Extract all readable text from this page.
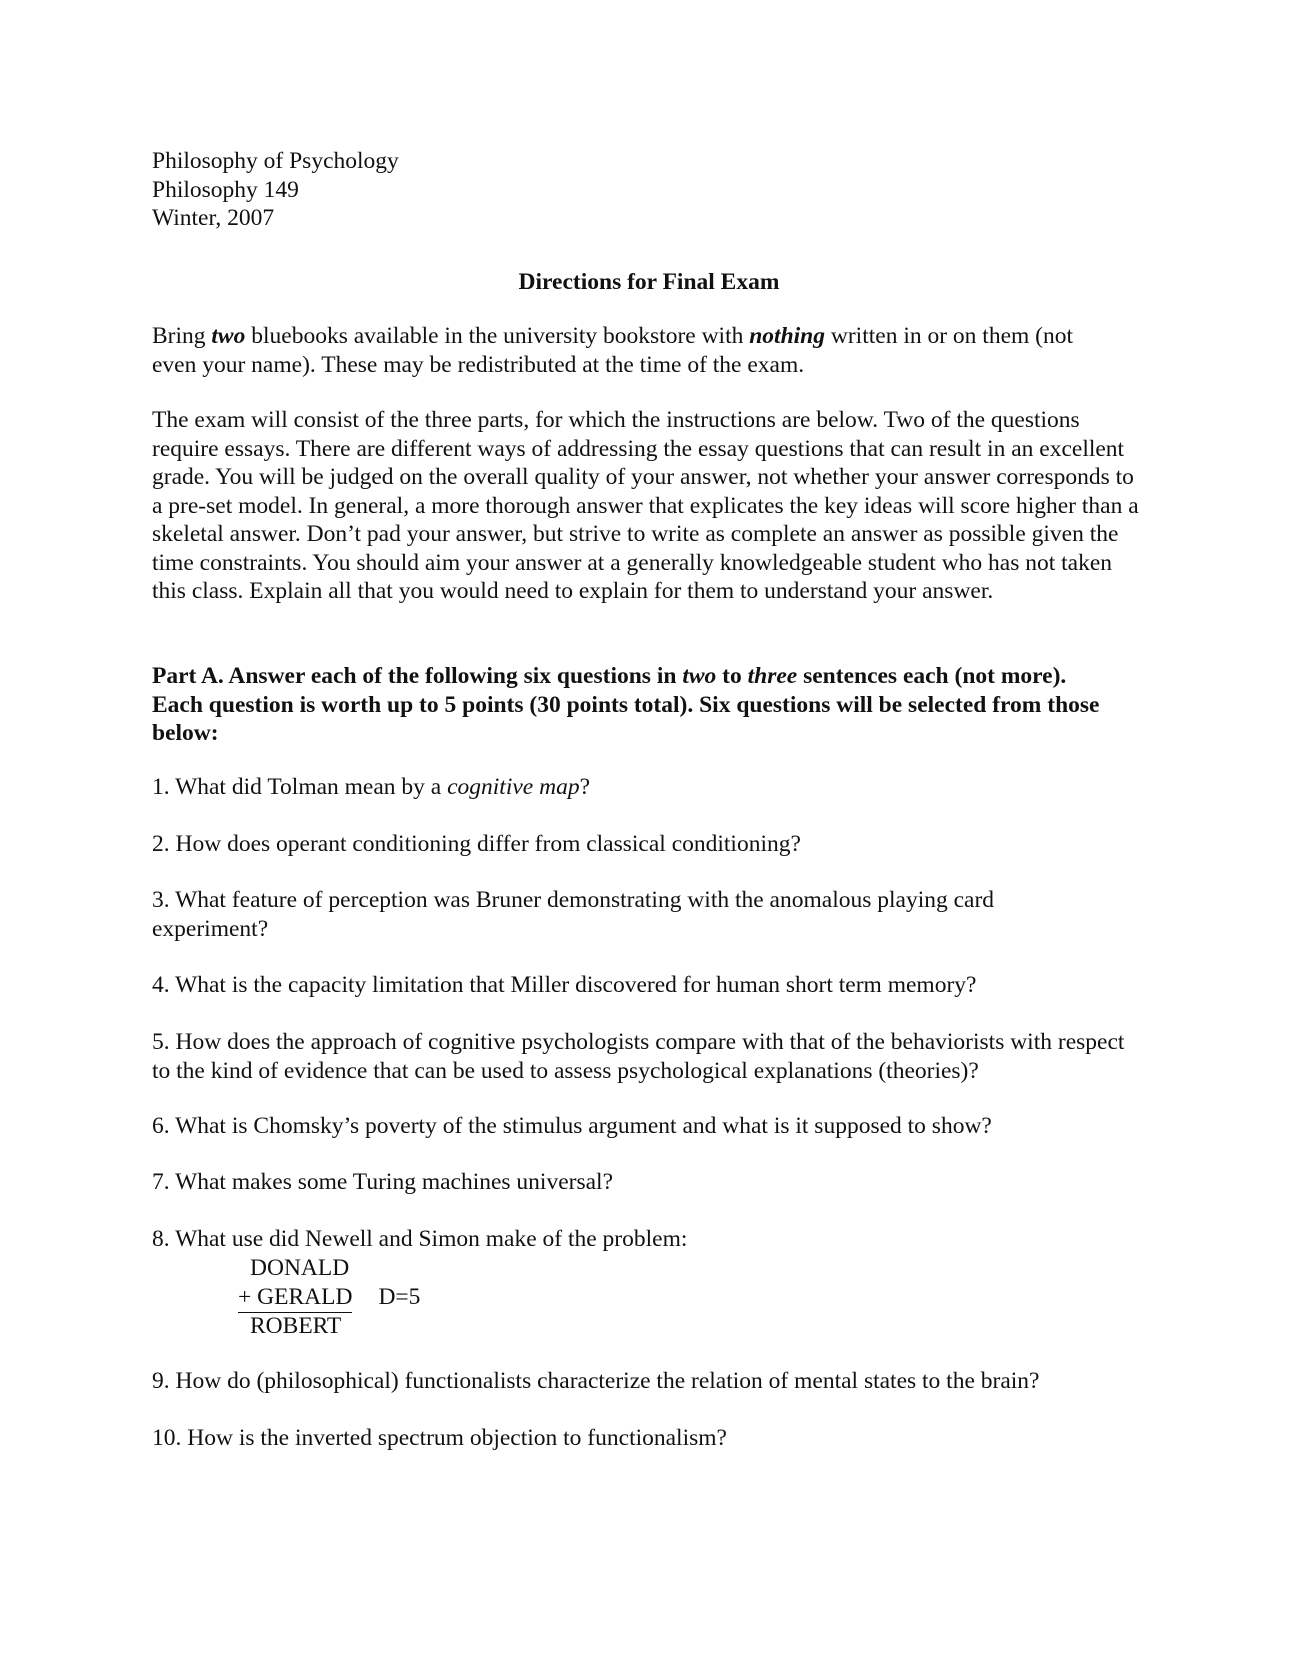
Philosophy of Psychology
Philosophy 149
Winter, 2007
Directions for Final Exam

Bring two bluebooks available in the university bookstore with nothing written in or on them (not even your name). These may be redistributed at the time of the exam.

The exam will consist of the three parts, for which the instructions are below. Two of the questions require essays. There are different ways of addressing the essay questions that can result in an excellent grade. You will be judged on the overall quality of your answer, not whether your answer corresponds to a pre-set model. In general, a more thorough answer that explicates the key ideas will score higher than a skeletal answer. Don’t pad your answer, but strive to write as complete an answer as possible given the time constraints. You should aim your answer at a generally knowledgeable student who has not taken this class. Explain all that you would need to explain for them to understand your answer.

Part A. Answer each of the following six questions in two to three sentences each (not more). Each question is worth up to 5 points (30 points total). Six questions will be selected from those below:

1. What did Tolman mean by a cognitive map?

2. How does operant conditioning differ from classical conditioning?

3. What feature of perception was Bruner demonstrating with the anomalous playing card experiment?

4. What is the capacity limitation that Miller discovered for human short term memory?

5. How does the approach of cognitive psychologists compare with that of the behaviorists with respect to the kind of evidence that can be used to assess psychological explanations (theories)?

6. What is Chomsky’s poverty of the stimulus argument and what is it supposed to show?

7. What makes some Turing machines universal?

8. What use did Newell and Simon make of the problem:

DONALD
+ GERALD D=5
ROBERT

9. How do (philosophical) functionalists characterize the relation of mental states to the brain?

10. How is the inverted spectrum objection to functionalism?
